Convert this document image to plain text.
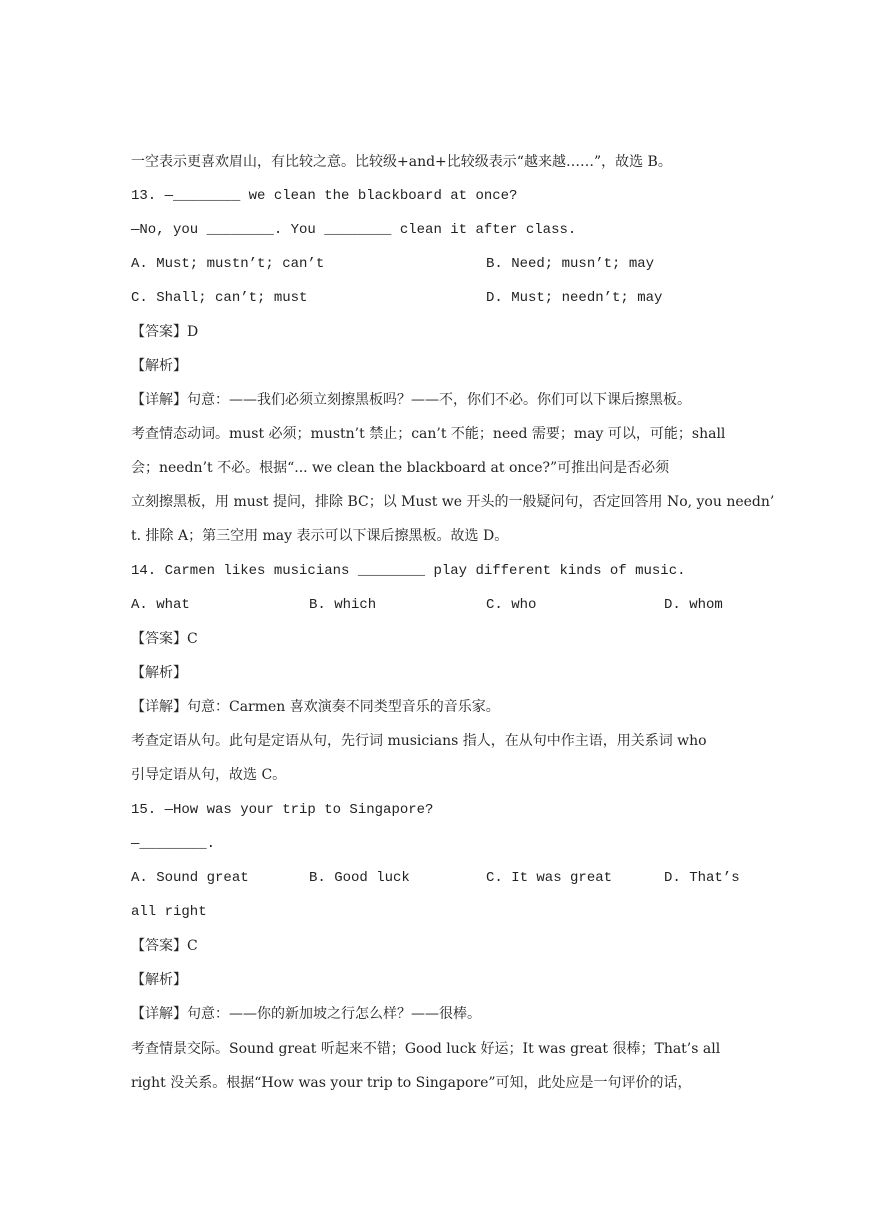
一空表示更喜欢眉山，有比较之意。比较级+and+比较级表示“越来越……”，故选 B。
13. —________ we clean the blackboard at once?
—No, you ________. You ________ clean it after class.
A. Must; mustn’t; can’t	B. Need; musn’t; may
C. Shall; can’t; must	D. Must; needn’t; may
【答案】D
【解析】
【详解】句意：——我们必须立刻擦黑板吗？——不，你们不必。你们可以下课后擦黑板。
考查情态动词。must 必须；mustn’t 禁止；can’t 不能；need 需要；may 可以，可能；shall
会；needn’t 不必。根据“... we clean the blackboard at once?”可推出问是否必须
立刻擦黑板，用 must 提问，排除 BC；以 Must we 开头的一般疑问句，否定回答用 No, you needn’
t. 排除 A；第三空用 may 表示可以下课后擦黑板。故选 D。
14. Carmen likes musicians ________ play different kinds of music.
A. what	B. which	C. who	D. whom
【答案】C
【解析】
【详解】句意：Carmen 喜欢演奏不同类型音乐的音乐家。
考查定语从句。此句是定语从句，先行词 musicians 指人，在从句中作主语，用关系词 who
引导定语从句，故选 C。
15. —How was your trip to Singapore?
—________.
A. Sound great	B. Good luck	C. It was great	D. That’s
all right
【答案】C
【解析】
【详解】句意：——你的新加坡之行怎么样？——很棒。
考查情景交际。Sound great 听起来不错；Good luck 好运；It was great 很棒；That’s all
right 没关系。根据“How was your trip to Singapore”可知，此处应是一句评价的话，
